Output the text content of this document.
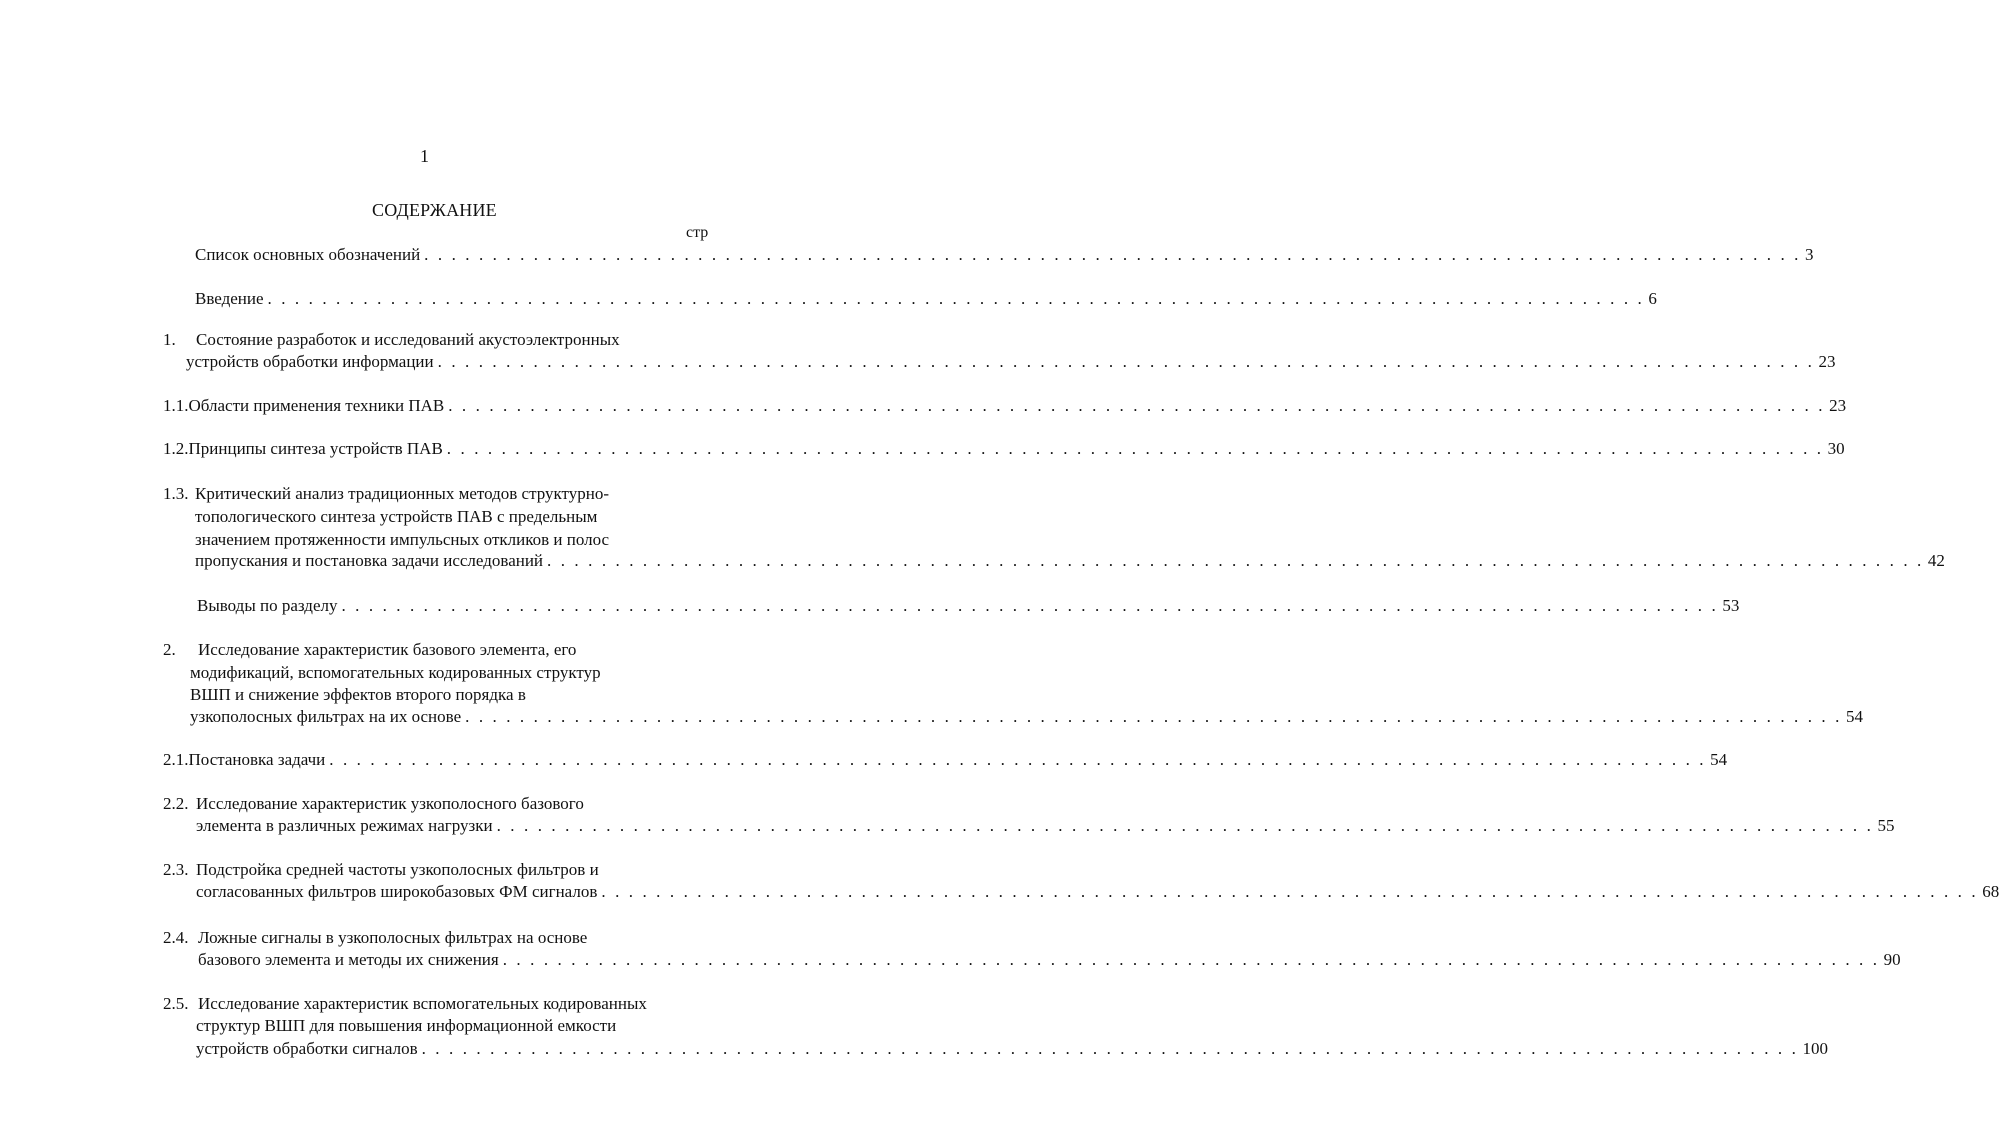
1
СОДЕРЖАНИЕ
стр
Список основных обозначений . . . . . . . . . . . . . . . . . . . . . . . . . . . . . . . . . . . . . . . . . . . . . . . . . . . . . . . . . . . . . . . . . . . . . . . . . . . . . . . . . . . . . . . . . . . . . . . . . . . . . 3
Введение . . . . . . . . . . . . . . . . . . . . . . . . . . . . . . . . . . . . . . . . . . . . . . . . . . . . . . . . . . . . . . . . . . . . . . . . . . . . . . . . . . . . . . . . . . . . . . . . . . . . . 6
1.	Состояние разработок и исследований акустоэлектронных
устройств обработки информации . . . . . . . . . . . . . . . . . . . . . . . . . . . . . . . . . . . . . . . . . . . . . . . . . . . . . . . . . . . . . . . . . . . . . . . . . . . . . . . . . . . . . . . . . . . . . . . . . . . . . 23
1.1. Области применения техники ПАВ . . . . . . . . . . . . . . . . . . . . . . . . . . . . . . . . . . . . . . . . . . . . . . . . . . . . . . . . . . . . . . . . . . . . . . . . . . . . . . . . . . . . . . . . . . . . . . . . . . . . . 23
1.2. Принципы синтеза устройств ПАВ . . . . . . . . . . . . . . . . . . . . . . . . . . . . . . . . . . . . . . . . . . . . . . . . . . . . . . . . . . . . . . . . . . . . . . . . . . . . . . . . . . . . . . . . . . . . . . . . . . . . . 30
1.3. Критический анализ традиционных методов структурно-
топологического синтеза устройств ПАВ с предельным
значением протяженности импульсных откликов и полос
пропускания и постановка задачи исследований . . . . . . . . . . . . . . . . . . . . . . . . . . . . . . . . . . . . . . . . . . . . . . . . . . . . . . . . . . . . . . . . . . . . . . . . . . . . . . . . . . . . . . . . . . . . . . . . . . . . . 42
Выводы по разделу . . . . . . . . . . . . . . . . . . . . . . . . . . . . . . . . . . . . . . . . . . . . . . . . . . . . . . . . . . . . . . . . . . . . . . . . . . . . . . . . . . . . . . . . . . . . . . . . . . . . . 53
2.	Исследование характеристик базового элемента, его
модификаций, вспомогательных кодированных структур
ВШП и снижение эффектов второго порядка в
узкополосных фильтрах на их основе . . . . . . . . . . . . . . . . . . . . . . . . . . . . . . . . . . . . . . . . . . . . . . . . . . . . . . . . . . . . . . . . . . . . . . . . . . . . . . . . . . . . . . . . . . . . . . . . . . . . . 54
2.1. Постановка задачи . . . . . . . . . . . . . . . . . . . . . . . . . . . . . . . . . . . . . . . . . . . . . . . . . . . . . . . . . . . . . . . . . . . . . . . . . . . . . . . . . . . . . . . . . . . . . . . . . . . . . 54
2.2. Исследование характеристик узкополосного базового
элемента в различных режимах нагрузки . . . . . . . . . . . . . . . . . . . . . . . . . . . . . . . . . . . . . . . . . . . . . . . . . . . . . . . . . . . . . . . . . . . . . . . . . . . . . . . . . . . . . . . . . . . . . . . . . . . . . 55
2.3. Подстройка средней частоты узкополосных фильтров и
согласованных фильтров широкобазовых ФМ сигналов . . . . . . . . . . . . . . . . . . . . . . . . . . . . . . . . . . . . . . . . . . . . . . . . . . . . . . . . . . . . . . . . . . . . . . . . . . . . . . . . . . . . . . . . . . . . . . . . . . . . . 68
2.4. Ложные сигналы в узкополосных фильтрах на основе
базового элемента и методы их снижения . . . . . . . . . . . . . . . . . . . . . . . . . . . . . . . . . . . . . . . . . . . . . . . . . . . . . . . . . . . . . . . . . . . . . . . . . . . . . . . . . . . . . . . . . . . . . . . . . . . . . 90
2.5. Исследование характеристик вспомогательных кодированных
структур ВШП для повышения информационной емкости
устройств обработки сигналов . . . . . . . . . . . . . . . . . . . . . . . . . . . . . . . . . . . . . . . . . . . . . . . . . . . . . . . . . . . . . . . . . . . . . . . . . . . . . . . . . . . . . . . . . . . . . . . . . . . . . 100
